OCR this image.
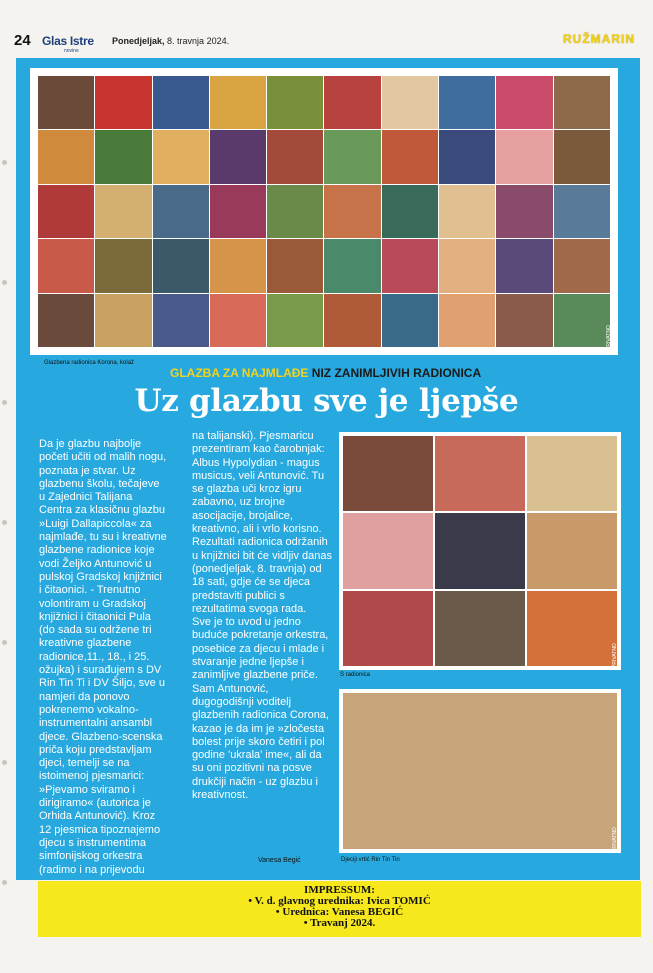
24 Glas Istre
novine
Ponedjeljak, 8. travnja 2024.	RUŽMARIN
Glazbena radionica Korona, kolaž
PRIVATNO
GLAZBA ZA NAJMLAĐE NIZ ZANIMLJIVIH RADIONICA
Uz glazbu sve je ljepše

Da je glazbu najbolje početi učiti od malih nogu, poznata je stvar. Uz glazbenu školu, tečajeve u Zajednici Talijana Centra za klasičnu glazbu »Luigi Dallapiccola« za najmlađe, tu su i kreativne glazbene radionice koje vodi Željko Antunović u pulskoj Gradskoj knjižnici i čitaonici. - Trenutno volontiram u Gradskoj knjižnici i čitaonici Pula (do sada su održene tri kreativne glazbene radionice,11., 18., i 25. ožujka) i surađujem s DV Rin Tin Ti i DV Šiljo, sve u namjeri da ponovo pokrenemo vokalno-instrumentalni ansambl djece. Glazbeno-scenska priča koju predstavljam djeci, temelji se na istoimenoj pjesmarici: »Pjevamo sviramo i dirigiramo« (autorica je Orhida Antunović). Kroz 12 pjesmica tipoznajemo djecu s instrumentima simfonijskog orkestra (radimo i na prijevodu

na talijanski). Pjesmaricu prezentiram kao čarobnjak: Albus Hypolydian - magus musicus, veli Antunović. Tu se glazba uči kroz igru zabavno, uz brojne asocijacije, brojalice, kreativno, ali i vrlo korisno. Rezultati radionica održanih u knjižnici bit će vidljiv danas (ponedjeljak, 8. travnja) od 18 sati, gdje će se djeca predstaviti publici s rezultatima svoga rada.

Sve je to uvod u jedno buduće pokretanje orkestra, posebice za djecu i mlade i stvaranje jedne ljepše i zanimljive glazbene priče.

Sam Antunović, dugogodišnji voditelj glazbenih radionica Corona, kazao je da im je »zločesta bolest prije skoro četiri i pol godine 'ukrala' ime«, ali da su oni pozitivni na posve drukčiji način - uz glazbu i kreativnost.

S radionica
PRIVATNO
Vanesa Begić	Djeciji vrtić Rin Tin Tin
PRIVATNO
IMPRESSUM:
• V. d. glavnog urednika: Ivica TOMIĆ
• Urednica: Vanesa BEGIĆ
• Travanj 2024.
